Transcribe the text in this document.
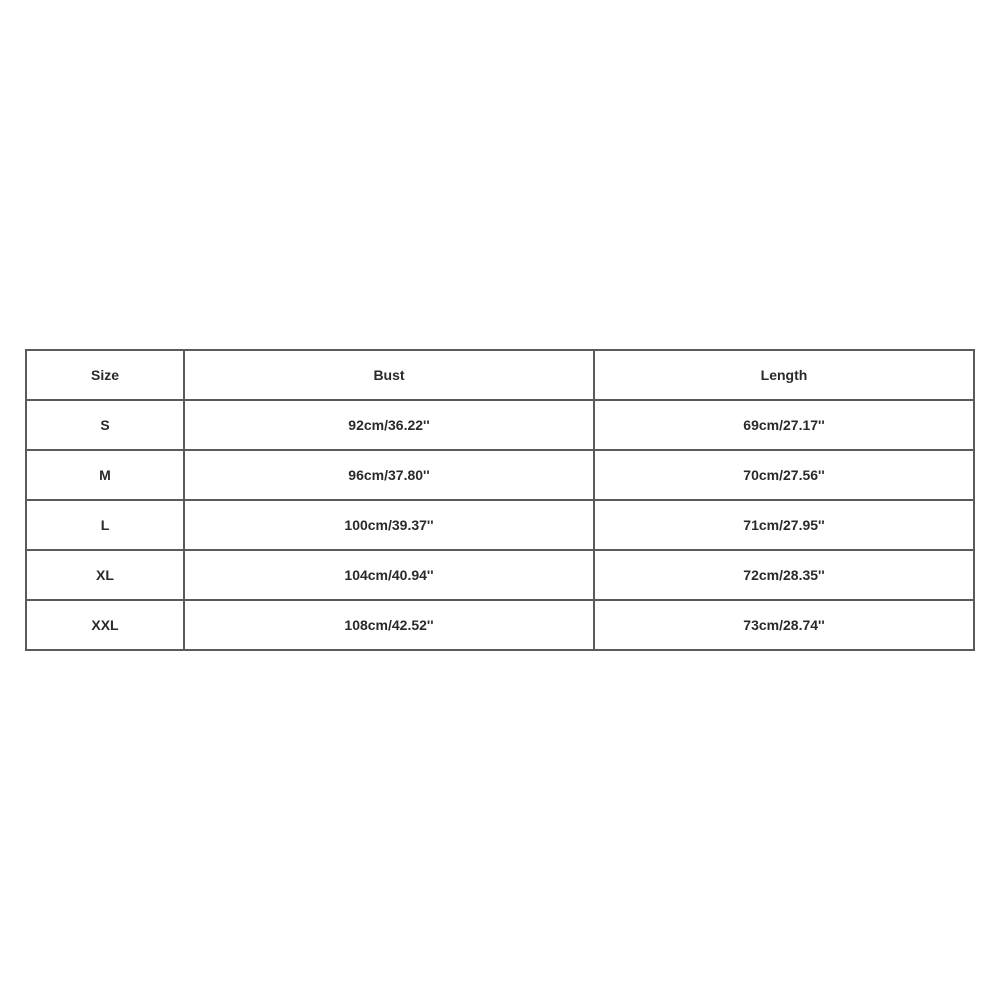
Size	Bust	Length
S	92cm/36.22''	69cm/27.17''
M	96cm/37.80''	70cm/27.56''
L	100cm/39.37''	71cm/27.95''
XL	104cm/40.94''	72cm/28.35''
XXL	108cm/42.52''	73cm/28.74''
